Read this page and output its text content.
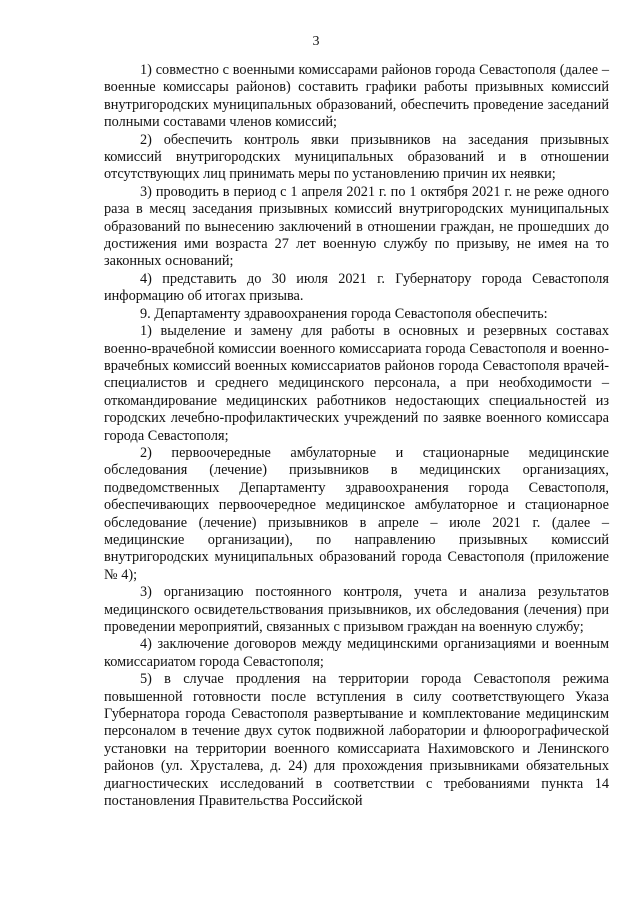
3

1) совместно с военными комиссарами районов города Севастополя (далее – военные комиссары районов) составить графики работы призывных комиссий внутригородских муниципальных образований, обеспечить проведение заседаний полными составами членов комиссий;

2) обеспечить контроль явки призывников на заседания призывных комиссий внутригородских муниципальных образований и в отношении отсутствующих лиц принимать меры по установлению причин их неявки;

3) проводить в период с 1 апреля 2021 г. по 1 октября 2021 г. не реже одного раза в месяц заседания призывных комиссий внутригородских муниципальных образований по вынесению заключений в отношении граждан, не прошедших до достижения ими возраста 27 лет военную службу по призыву, не имея на то законных оснований;

4) представить до 30 июля 2021 г. Губернатору города Севастополя информацию об итогах призыва.

9. Департаменту здравоохранения города Севастополя обеспечить:

1) выделение и замену для работы в основных и резервных составах военно-врачебной комиссии военного комиссариата города Севастополя и военно-врачебных комиссий военных комиссариатов районов города Севастополя врачей-специалистов и среднего медицинского персонала, а при необходимости – откомандирование медицинских работников недостающих специальностей из городских лечебно-профилактических учреждений по заявке военного комиссара города Севастополя;

2) первоочередные амбулаторные и стационарные медицинские обследования (лечение) призывников в медицинских организациях, подведомственных Департаменту здравоохранения города Севастополя, обеспечивающих первоочередное медицинское амбулаторное и стационарное обследование (лечение) призывников в апреле – июле 2021 г. (далее – медицинские организации), по направлению призывных комиссий внутригородских муниципальных образований города Севастополя (приложение № 4);

3) организацию постоянного контроля, учета и анализа результатов медицинского освидетельствования призывников, их обследования (лечения) при проведении мероприятий, связанных с призывом граждан на военную службу;

4) заключение договоров между медицинскими организациями и военным комиссариатом города Севастополя;

5) в случае продления на территории города Севастополя режима повышенной готовности после вступления в силу соответствующего Указа Губернатора города Севастополя развертывание и комплектование медицинским персоналом в течение двух суток подвижной лаборатории и флюорографической установки на территории военного комиссариата Нахимовского и Ленинского районов (ул. Хрусталева, д. 24) для прохождения призывниками обязательных диагностических исследований в соответствии с требованиями пункта 14 постановления Правительства Российской
